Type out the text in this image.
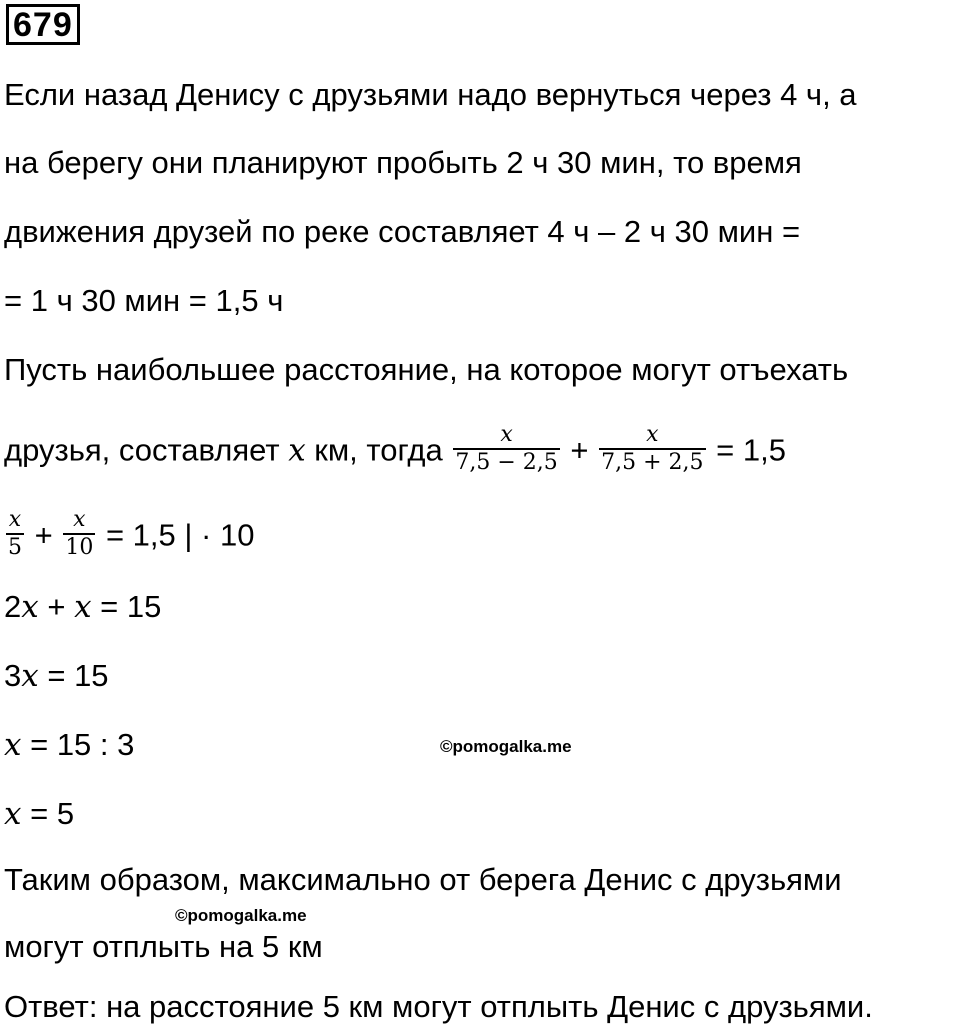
679
Если назад Денису с друзьями надо вернуться через 4 ч, а
на берегу они планируют пробыть 2 ч 30 мин, то время
движения друзей по реке составляет 4 ч – 2 ч 30 мин =
= 1 ч 30 мин = 1,5 ч
Пусть наибольшее расстояние, на которое могут отъехать
друзья, составляет x км, тогда $\frac{x}{7,5 - 2,5} + \frac{x}{7,5 + 2,5} = 1,5$
$\frac{x}{5} + \frac{x}{10} = 1,5$ | · 10
2x + x = 15
3x = 15
x = 15 : 3	©pomogalka.me
x = 5
Таким образом, максимально от берега Денис с друзьями
©pomogalka.me
могут отплыть на 5 км
Ответ: на расстояние 5 км могут отплыть Денис с друзьями.
